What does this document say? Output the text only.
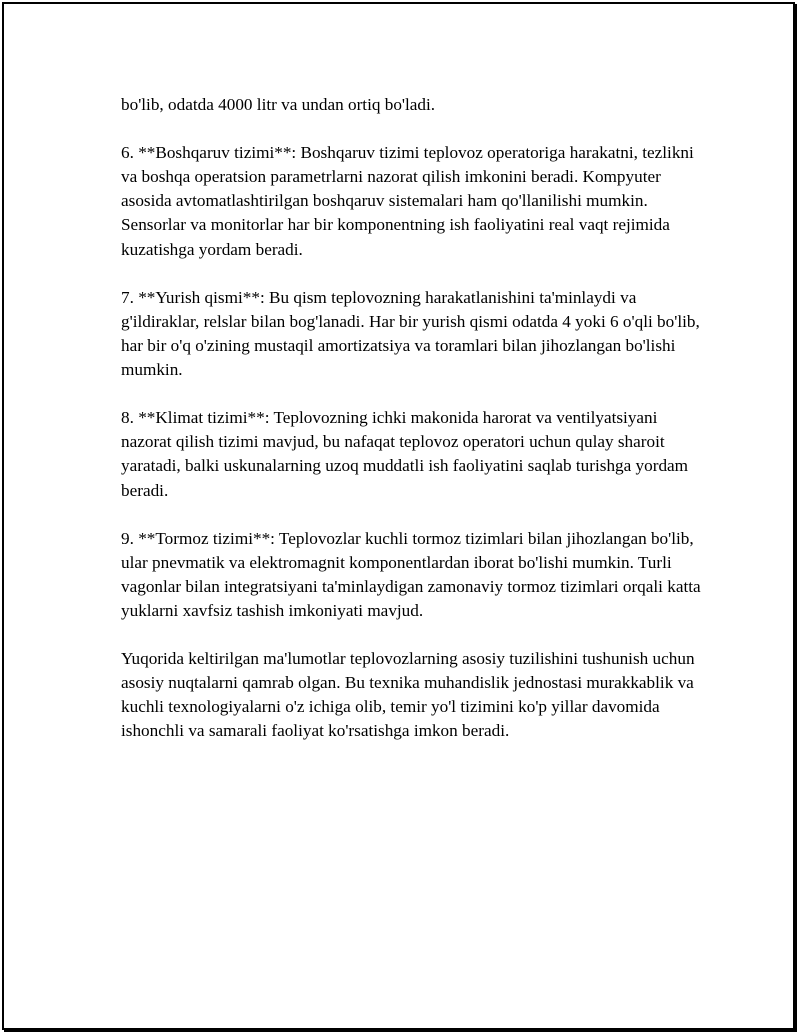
bo'lib, odatda 4000 litr va undan ortiq bo'ladi.

6. **Boshqaruv tizimi**: Boshqaruv tizimi teplovoz operatoriga harakatni, tezlikni va boshqa operatsion parametrlarni nazorat qilish imkonini beradi. Kompyuter asosida avtomatlashtirilgan boshqaruv sistemalari ham qo'llanilishi mumkin. Sensorlar va monitorlar har bir komponentning ish faoliyatini real vaqt rejimida kuzatishga yordam beradi.

7. **Yurish qismi**: Bu qism teplovozning harakatlanishini ta'minlaydi va g'ildiraklar, relslar bilan bog'lanadi. Har bir yurish qismi odatda 4 yoki 6 o'qli bo'lib, har bir o'q o'zining mustaqil amortizatsiya va toramlari bilan jihozlangan bo'lishi mumkin.

8. **Klimat tizimi**: Teplovozning ichki makonida harorat va ventilyatsiyani nazorat qilish tizimi mavjud, bu nafaqat teplovoz operatori uchun qulay sharoit yaratadi, balki uskunalarning uzoq muddatli ish faoliyatini saqlab turishga yordam beradi.

9. **Tormoz tizimi**: Teplovozlar kuchli tormoz tizimlari bilan jihozlangan bo'lib, ular pnevmatik va elektromagnit komponentlardan iborat bo'lishi mumkin. Turli vagonlar bilan integratsiyani ta'minlaydigan zamonaviy tormoz tizimlari orqali katta yuklarni xavfsiz tashish imkoniyati mavjud.

Yuqorida keltirilgan ma'lumotlar teplovozlarning asosiy tuzilishini tushunish uchun asosiy nuqtalarni qamrab olgan. Bu texnika muhandislik jednostasi murakkablik va kuchli texnologiyalarni o'z ichiga olib, temir yo'l tizimini ko'p yillar davomida ishonchli va samarali faoliyat ko'rsatishga imkon beradi.
